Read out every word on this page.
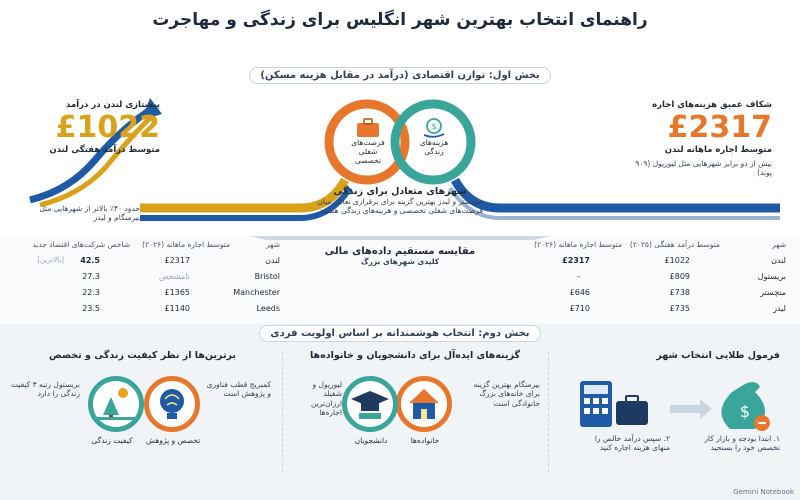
راهنمای انتخاب بهترین شهر انگلیس برای زندگی و مهاجرت
بخش اول: توازن اقتصادی (درآمد در مقابل هزینه مسکن)
فرصت‌های شغلی تخصصی
$
هزینه‌های زندگی
شهرهای متعادل برای زندگی
منچستر و لیدز بهترین گزینه برای برقراری تعادل میان فرصت‌های شغلی تخصصی و هزینه‌های زندگی هستند.
شکاف عمیق هزینه‌های اجاره
£2317
متوسط اجاره ماهانه لندن
بیش از دو برابر شهرهایی مثل لیورپول (۹۰۹ پوند)
پیشتازی لندن در درآمد
£1022
متوسط درآمد هفتگی لندن
حدود ۴۰٪ بالاتر از شهرهایی مثل بیرمنگام و لیدز
مقایسه مستقیم داده‌های مالی
کلیدی شهرهای بزرگ
شهر
متوسط درآمد هفتگی (۲۰۲۵)
متوسط اجاره ماهانه (۲۰۲۶)
لندن
£1022
£2317
بریستول
£809
-
منچستر
£738
£646
لیدز
£735
£710
شهر
متوسط اجاره ماهانه (۲۰۲۶)
شاخص شرکت‌های اقتصاد جدید
لندن
£2317
42.5
[بالاترین]
Bristol
نامشخص
27.3
Manchester
£1365
22.3
Leeds
£1140
23.5
بخش دوم: انتخاب هوشمندانه بر اساس اولویت فردی
فرمول طلایی انتخاب شهر
$
۱. ابتدا بودجه و بازار کار تخصص خود را بسنجید
۲. سپس درآمد خالص را منهای هزینه اجاره کنید
گزینه‌های ایده‌آل برای دانشجویان و خانواده‌ها
بیرمنگام بهترین گزینه برای خانه‌های بزرگ خانوادگی است
لیورپول و شفیلد ارزان‌ترین اجاره‌ها
خانواده‌ها
دانشجویان
برترین‌ها از نظر کیفیت زندگی و تخصص
کمبریج قطب فناوری و پژوهش است
بریستول رتبه ۳ کیفیت زندگی را دارد
تخصص و پژوهش
کیفیت زندگی
Gemini Notebook
